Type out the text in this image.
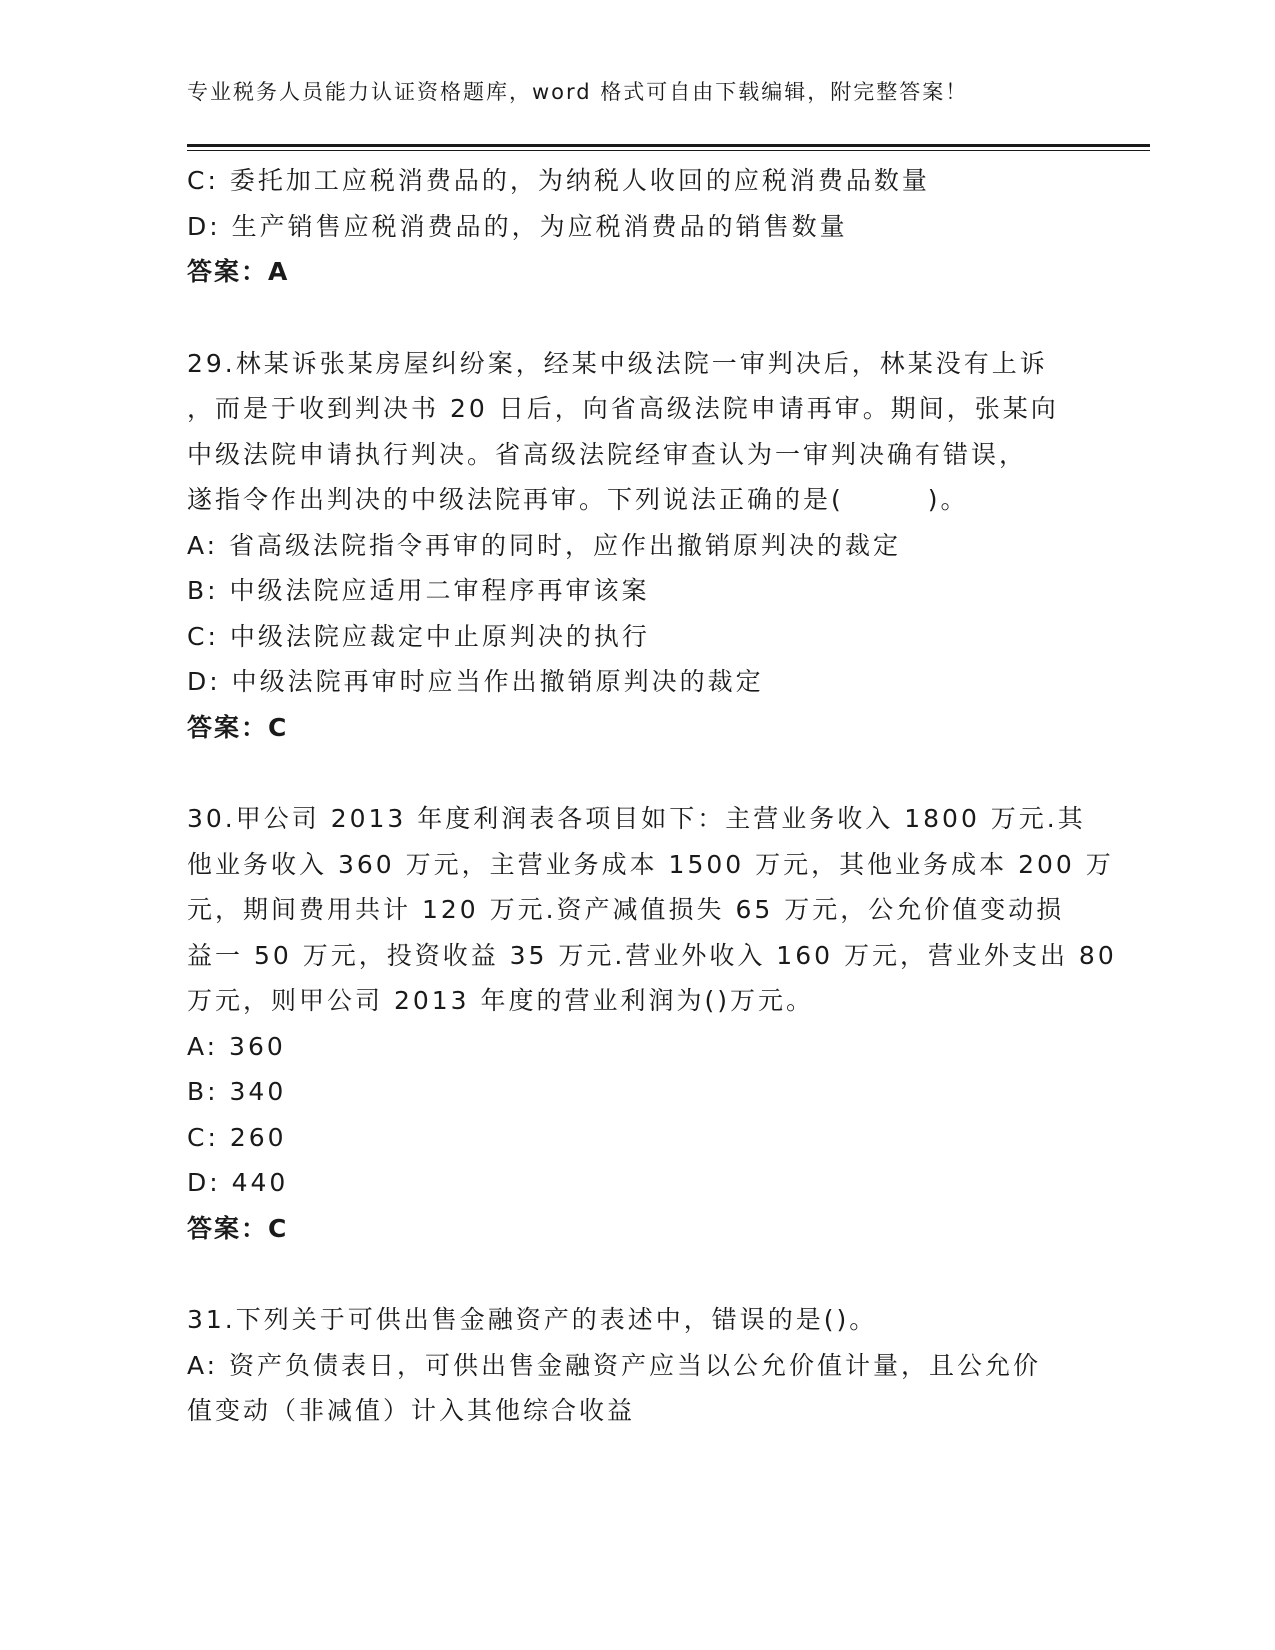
专业税务人员能力认证资格题库，word 格式可自由下载编辑，附完整答案！
C: 委托加工应税消费品的，为纳税人收回的应税消费品数量
D: 生产销售应税消费品的，为应税消费品的销售数量
答案：A
29.林某诉张某房屋纠纷案，经某中级法院一审判决后，林某没有上诉
，而是于收到判决书 20 日后，向省高级法院申请再审。期间，张某向
中级法院申请执行判决。省高级法院经审查认为一审判决确有错误，
遂指令作出判决的中级法院再审。下列说法正确的是(　　　)。
A: 省高级法院指令再审的同时，应作出撤销原判决的裁定
B: 中级法院应适用二审程序再审该案
C: 中级法院应裁定中止原判决的执行
D: 中级法院再审时应当作出撤销原判决的裁定
答案：C
30.甲公司 2013 年度利润表各项目如下：主营业务收入 1800 万元.其
他业务收入 360 万元，主营业务成本 1500 万元，其他业务成本 200 万
元，期间费用共计 120 万元.资产减值损失 65 万元，公允价值变动损
益一 50 万元，投资收益 35 万元.营业外收入 160 万元，营业外支出 80
万元，则甲公司 2013 年度的营业利润为()万元。
A: 360
B: 340
C: 260
D: 440
答案：C
31.下列关于可供出售金融资产的表述中，错误的是()。
A: 资产负债表日，可供出售金融资产应当以公允价值计量，且公允价
值变动（非减值）计入其他综合收益
